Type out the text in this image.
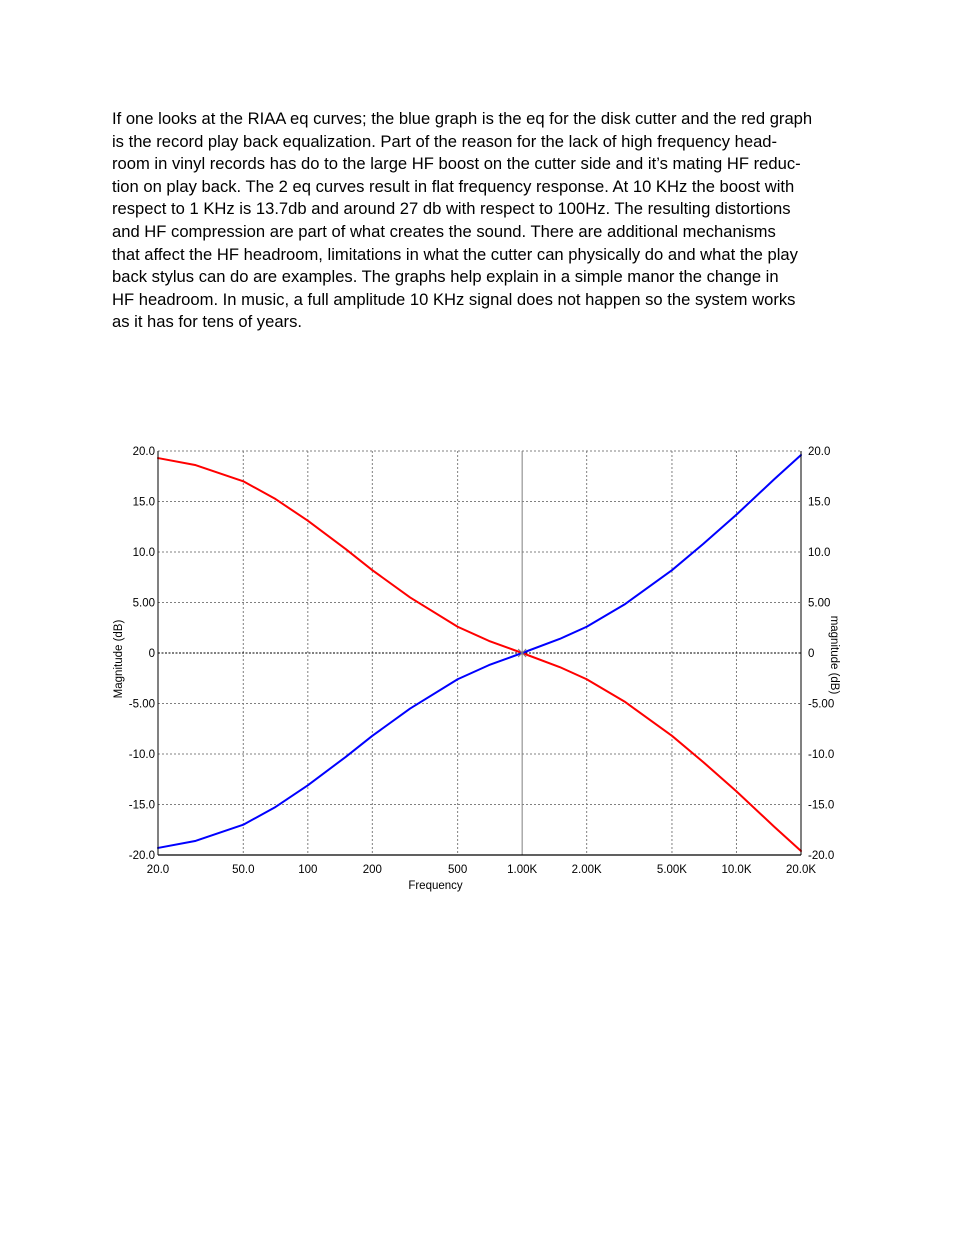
If one looks at the RIAA eq curves; the blue graph is the eq for the disk cutter and the red graph
is the record play back equalization. Part of the reason for the lack of high frequency head-
room in vinyl records has do to the large HF boost on the cutter side and it’s mating HF reduc-
tion on play back. The 2 eq curves result in flat frequency response. At 10 KHz the boost with
respect to 1 KHz is 13.7db and around 27 db with respect to 100Hz. The resulting distortions
and HF compression are part of what creates the sound. There are additional mechanisms
that affect the HF headroom, limitations in what the cutter can physically do and what the play
back stylus can do are examples. The graphs help explain in a simple manor the change in
HF headroom. In music, a full amplitude 10 KHz signal does not happen so the system works
as it has for tens of years.
20.0	50.0	100	200	500	1.00K	2.00K	5.00K	10.0K	20.0K
20.0	20.0
15.0	15.0
10.0	10.0
5.00	5.00
0	0
-5.00	-5.00
-10.0	-10.0
-15.0	-15.0
-20.0	-20.0
Frequency
Magnitude (dB)	magnitude (dB)
